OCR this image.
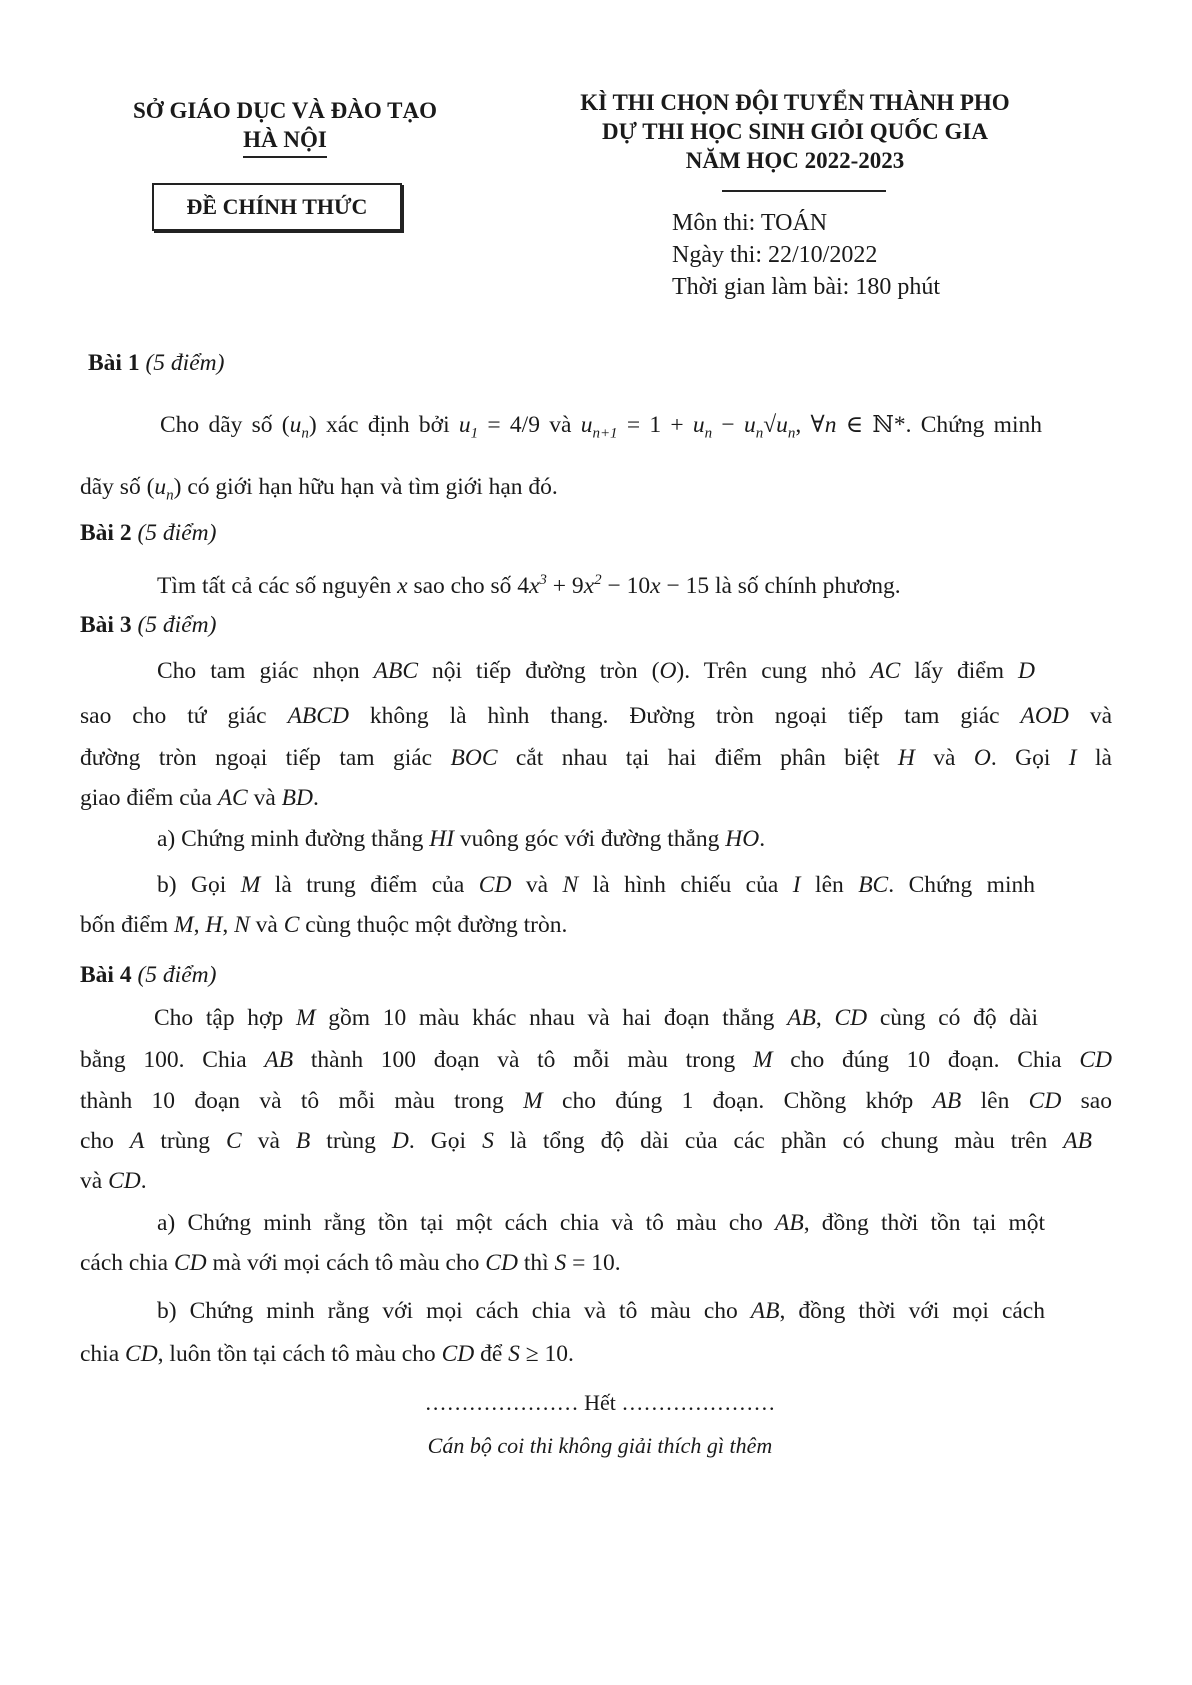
SỞ GIÁO DỤC VÀ ĐÀO TẠO
HÀ NỘI
ĐỀ CHÍNH THỨC
KÌ THI CHỌN ĐỘI TUYỂN THÀNH PHO
DỰ THI HỌC SINH GIỎI QUỐC GIA
NĂM HỌC 2022-2023
Môn thi: TOÁN
Ngày thi: 22/10/2022
Thời gian làm bài: 180 phút
Bài 1 (5 điểm)
Cho dãy số $(u_n)$ xác định bởi $u_1 = 4/9$ và $u_{n+1} = 1 + u_n - u_n√u_n$, ∀n ∈ ℕ*. Chứng minh
dãy số $(u_n)$ có giới hạn hữu hạn và tìm giới hạn đó.
Bài 2 (5 điểm)
Tìm tất cả các số nguyên x sao cho số $4x^3 + 9x^2 - 10x - 15$ là số chính phương.
Bài 3 (5 điểm)
Cho tam giác nhọn ABC nội tiếp đường tròn (O). Trên cung nhỏ AC lấy điểm D
sao cho tứ giác ABCD không là hình thang. Đường tròn ngoại tiếp tam giác AOD và
đường tròn ngoại tiếp tam giác BOC cắt nhau tại hai điểm phân biệt H và O. Gọi I là
giao điểm của AC và BD.
a) Chứng minh đường thẳng HI vuông góc với đường thẳng HO.
b) Gọi M là trung điểm của CD và N là hình chiếu của I lên BC. Chứng minh
bốn điểm M, H, N và C cùng thuộc một đường tròn.
Bài 4 (5 điểm)
Cho tập hợp M gồm 10 màu khác nhau và hai đoạn thẳng AB, CD cùng có độ dài
bằng 100. Chia AB thành 100 đoạn và tô mỗi màu trong M cho đúng 10 đoạn. Chia CD
thành 10 đoạn và tô mỗi màu trong M cho đúng 1 đoạn. Chồng khớp AB lên CD sao
cho A trùng C và B trùng D. Gọi S là tổng độ dài của các phần có chung màu trên AB
và CD.
a) Chứng minh rằng tồn tại một cách chia và tô màu cho AB, đồng thời tồn tại một
cách chia CD mà với mọi cách tô màu cho CD thì S = 10.
b) Chứng minh rằng với mọi cách chia và tô màu cho AB, đồng thời với mọi cách
chia CD, luôn tồn tại cách tô màu cho CD để S ≥ 10.
………………… Hết …………………
Cán bộ coi thi không giải thích gì thêm
